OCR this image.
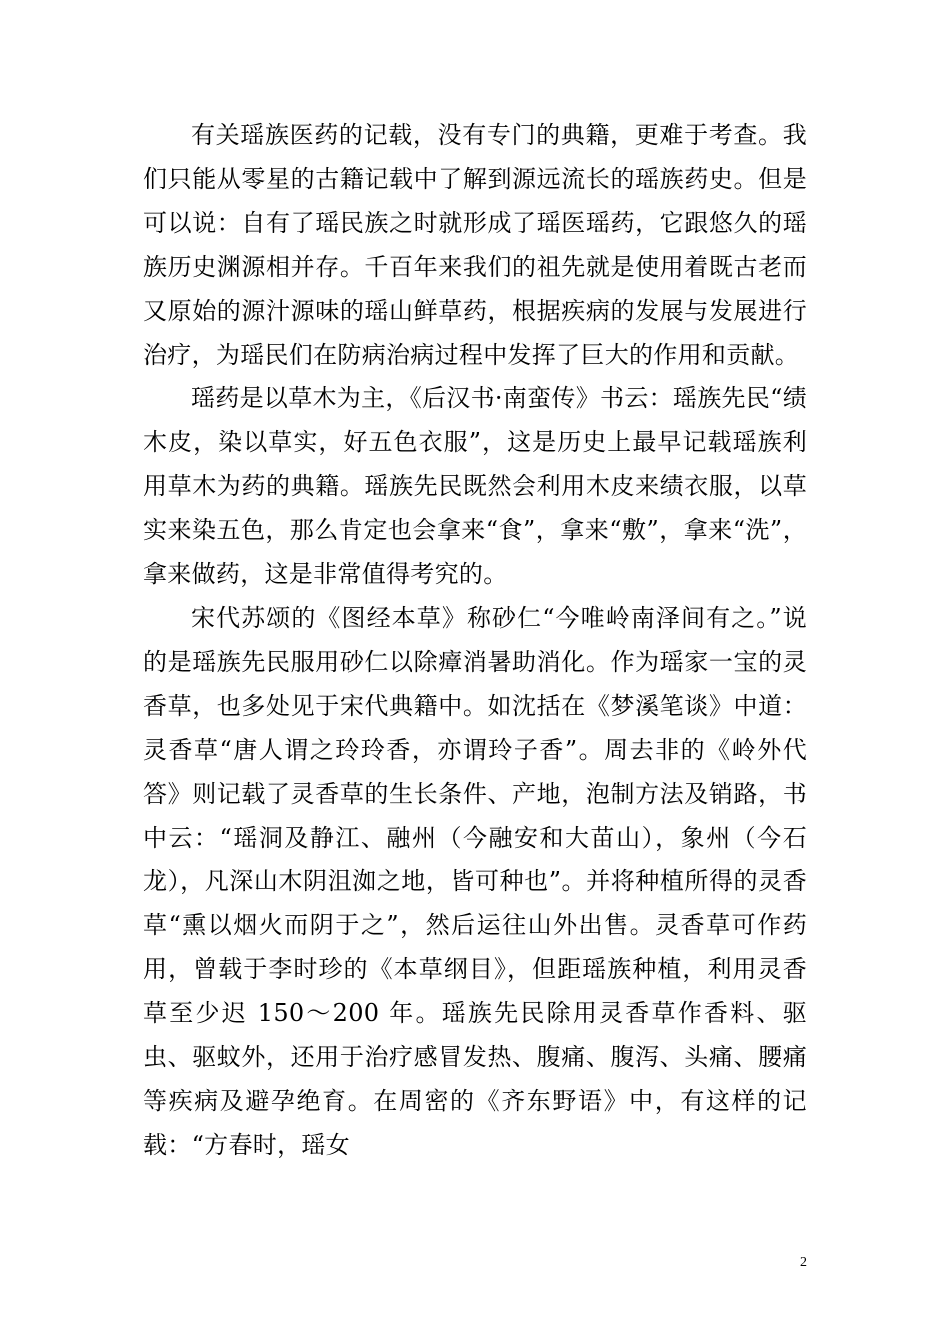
有关瑶族医药的记载，没有专门的典籍，更难于考查。我们只能从零星的古籍记载中了解到源远流长的瑶族药史。但是可以说：自有了瑶民族之时就形成了瑶医瑶药，它跟悠久的瑶族历史渊源相并存。千百年来我们的祖先就是使用着既古老而又原始的源汁源味的瑶山鲜草药，根据疾病的发展与发展进行治疗，为瑶民们在防病治病过程中发挥了巨大的作用和贡献。

瑶药是以草木为主，《后汉书·南蛮传》书云：瑶族先民“绩木皮，染以草实，好五色衣服”，这是历史上最早记载瑶族利用草木为药的典籍。瑶族先民既然会利用木皮来绩衣服，以草实来染五色，那么肯定也会拿来“食”，拿来“敷”，拿来“洗”，拿来做药，这是非常值得考究的。

宋代苏颂的《图经本草》称砂仁“今唯岭南泽间有之。”说的是瑶族先民服用砂仁以除瘴消暑助消化。作为瑶家一宝的灵香草，也多处见于宋代典籍中。如沈括在《梦溪笔谈》中道：灵香草“唐人谓之玲玲香，亦谓玲子香”。周去非的《岭外代答》则记载了灵香草的生长条件、产地，泡制方法及销路，书中云：“瑶洞及静江、融州（今融安和大苗山），象州（今石龙），凡深山木阴沮洳之地，皆可种也”。并将种植所得的灵香草“熏以烟火而阴于之”，然后运往山外出售。灵香草可作药用，曾载于李时珍的《本草纲目》，但距瑶族种植，利用灵香草至少迟 150～200 年。瑶族先民除用灵香草作香料、驱虫、驱蚊外，还用于治疗感冒发热、腹痛、腹泻、头痛、腰痛等疾病及避孕绝育。在周密的《齐东野语》中，有这样的记载：“方春时，瑶女

2
